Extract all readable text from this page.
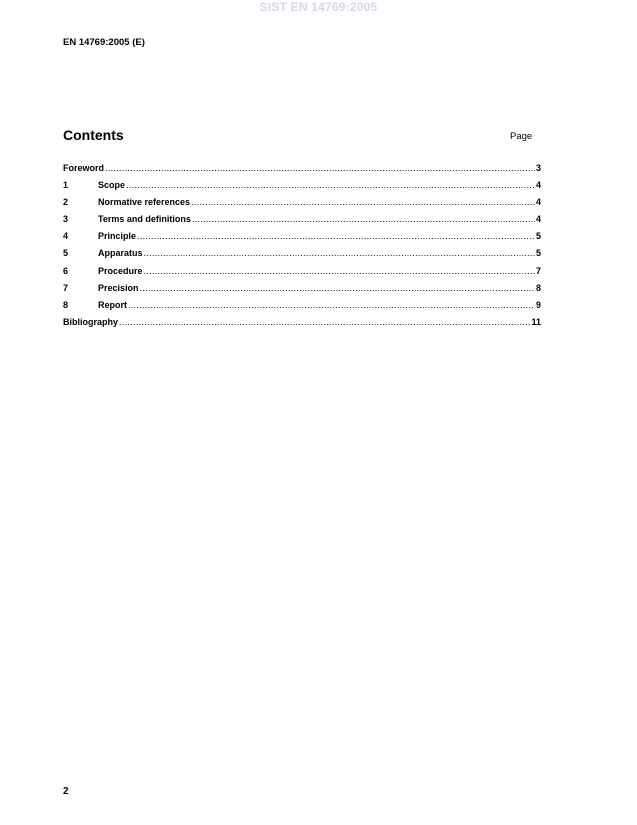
SIST EN 14769:2005
EN 14769:2005 (E)
Contents	Page
Foreword .....	3
1	Scope .....	4
2	Normative references .....	4
3	Terms and definitions .....	4
4	Principle .....	5
5	Apparatus .....	5
6	Procedure .....	7
7	Precision .....	8
8	Report .....	9
Bibliography .....	11
2
